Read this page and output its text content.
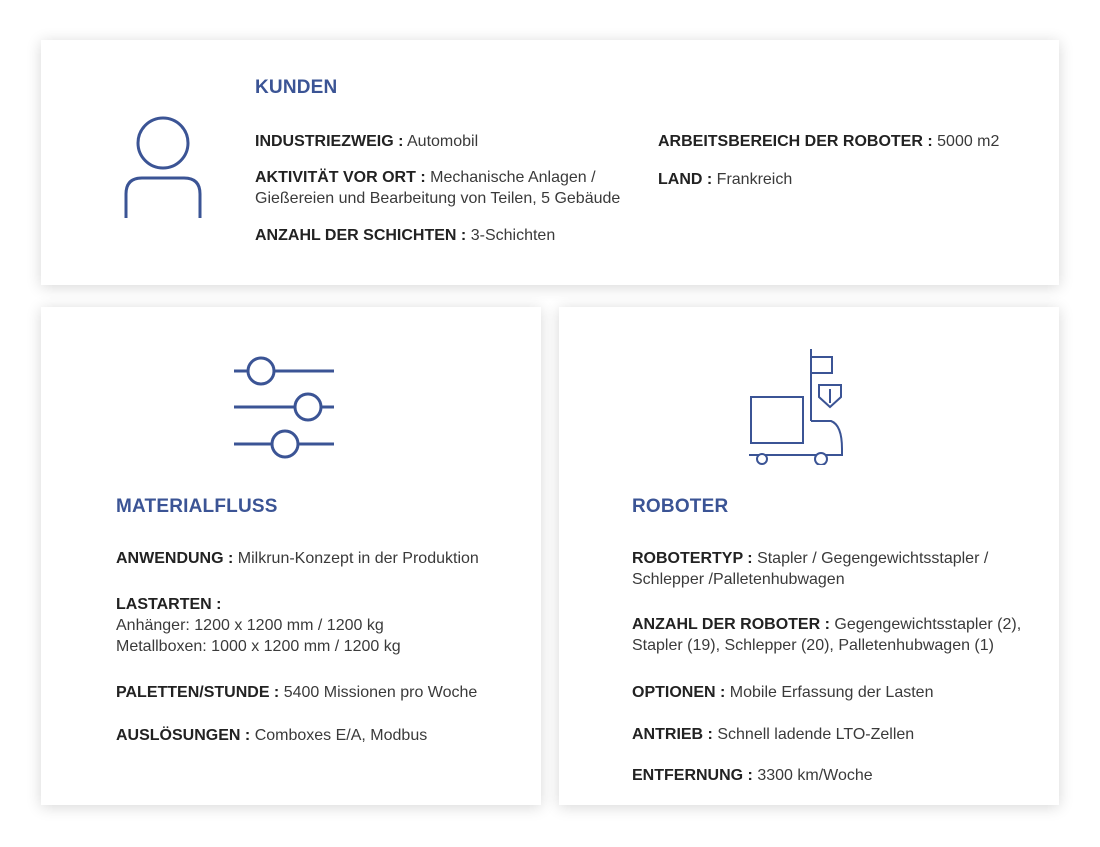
KUNDEN
INDUSTRIEZWEIG : Automobil
AKTIVITÄT VOR ORT : Mechanische Anlagen /
Gießereien und Bearbeitung von Teilen, 5 Gebäude
ANZAHL DER SCHICHTEN : 3-Schichten
ARBEITSBEREICH DER ROBOTER : 5000 m2
LAND : Frankreich
MATERIALFLUSS
ANWENDUNG : Milkrun-Konzept in der Produktion
LASTARTEN :
Anhänger: 1200 x 1200 mm / 1200 kg
Metallboxen: 1000 x 1200 mm / 1200 kg
PALETTEN/STUNDE : 5400 Missionen pro Woche
AUSLÖSUNGEN : Comboxes E/A, Modbus
ROBOTER
ROBOTERTYP : Stapler / Gegengewichtsstapler /
Schlepper /Palletenhubwagen
ANZAHL DER ROBOTER : Gegengewichtsstapler (2),
Stapler (19), Schlepper (20), Palletenhubwagen (1)
OPTIONEN : Mobile Erfassung der Lasten
ANTRIEB : Schnell ladende LTO-Zellen
ENTFERNUNG : 3300 km/Woche
